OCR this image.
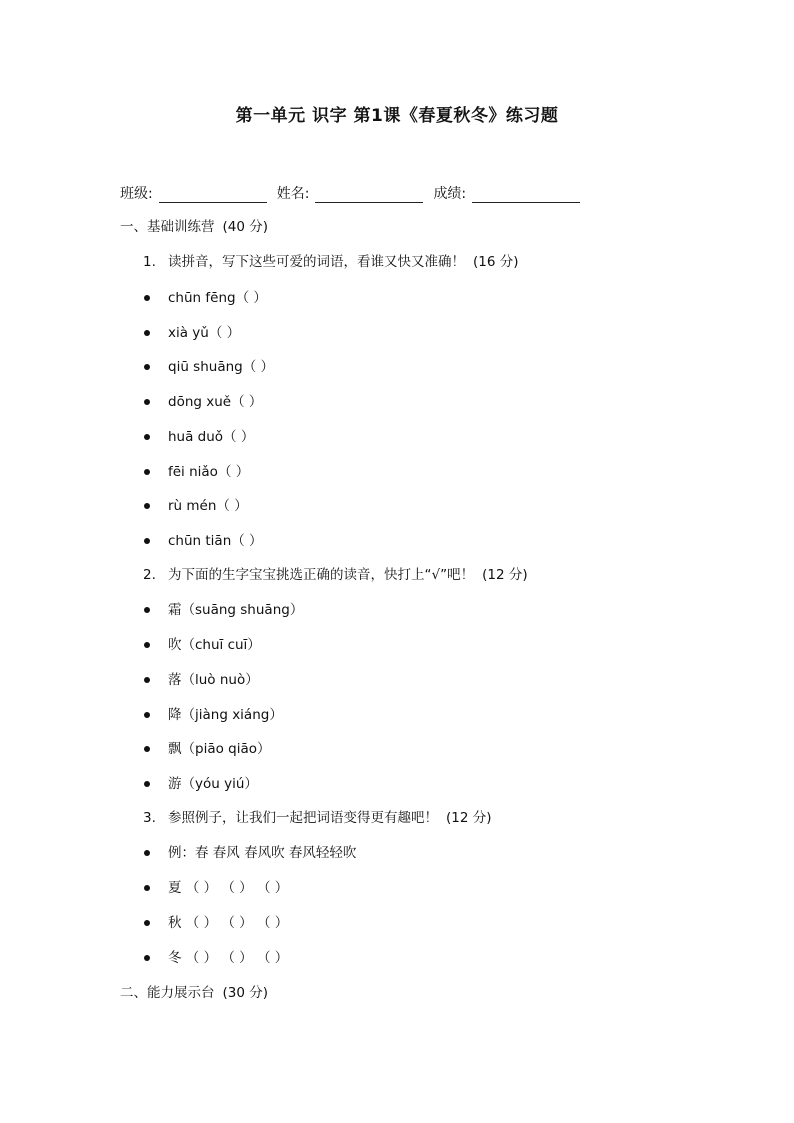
第一单元 识字 第1课《春夏秋冬》练习题
班级:	姓名:	成绩:
一、基础训练营 (40 分)
1. 读拼音，写下这些可爱的词语，看谁又快又准确！ (16 分)
chūn fēng（ ）
xià yǔ（ ）
qiū shuāng（ ）
dōng xuě（ ）
huā duǒ（ ）
fēi niǎo（ ）
rù mén（ ）
chūn tiān（ ）
2. 为下面的生字宝宝挑选正确的读音，快打上“√”吧！ (12 分)
霜（suāng shuāng）
吹（chuī cuī）
落（luò nuò）
降（jiàng xiáng）
飘（piāo qiāo）
游（yóu yiú）
3. 参照例子，让我们一起把词语变得更有趣吧！ (12 分)
例：春 春风 春风吹 春风轻轻吹
夏 （ ） （ ） （ ）
秋 （ ） （ ） （ ）
冬 （ ） （ ） （ ）
二、能力展示台 (30 分)
